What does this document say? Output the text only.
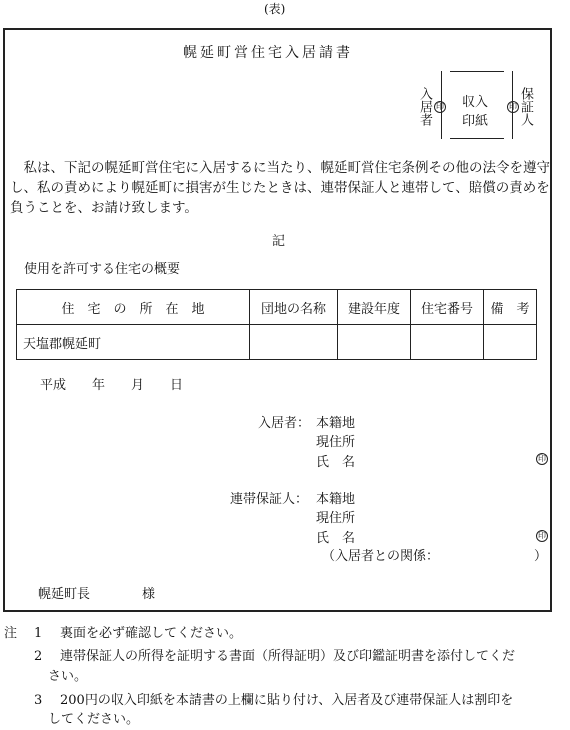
(表)
幌延町営住宅入居請書
入居者 印 収入
印紙
印 保証人

私は、下記の幌延町営住宅に入居するに当たり、幌延町営住宅条例その他の法令を遵守し、私の責めにより幌延町に損害が生じたときは、連帯保証人と連帯して、賠償の責めを負うことを、お請け致します。

記
使用を許可する住宅の概要
住　宅　の　所　在　地	団地の名称	建設年度	住宅番号	備　考
天塩郡幌延町				
平成　　年　　月　　日
入居者： 本籍地
現住所
氏　名	印
連帯保証人： 本籍地
現住所
氏　名	印
（入居者との関係：	）
幌延町長　　　　様
注 1 裏面を必ず確認してください。
2 連帯保証人の所得を証明する書面（所得証明）及び印鑑証明書を添付してくだ
さい。
3 200円の収入印紙を本請書の上欄に貼り付け、入居者及び連帯保証人は割印を
してください。
